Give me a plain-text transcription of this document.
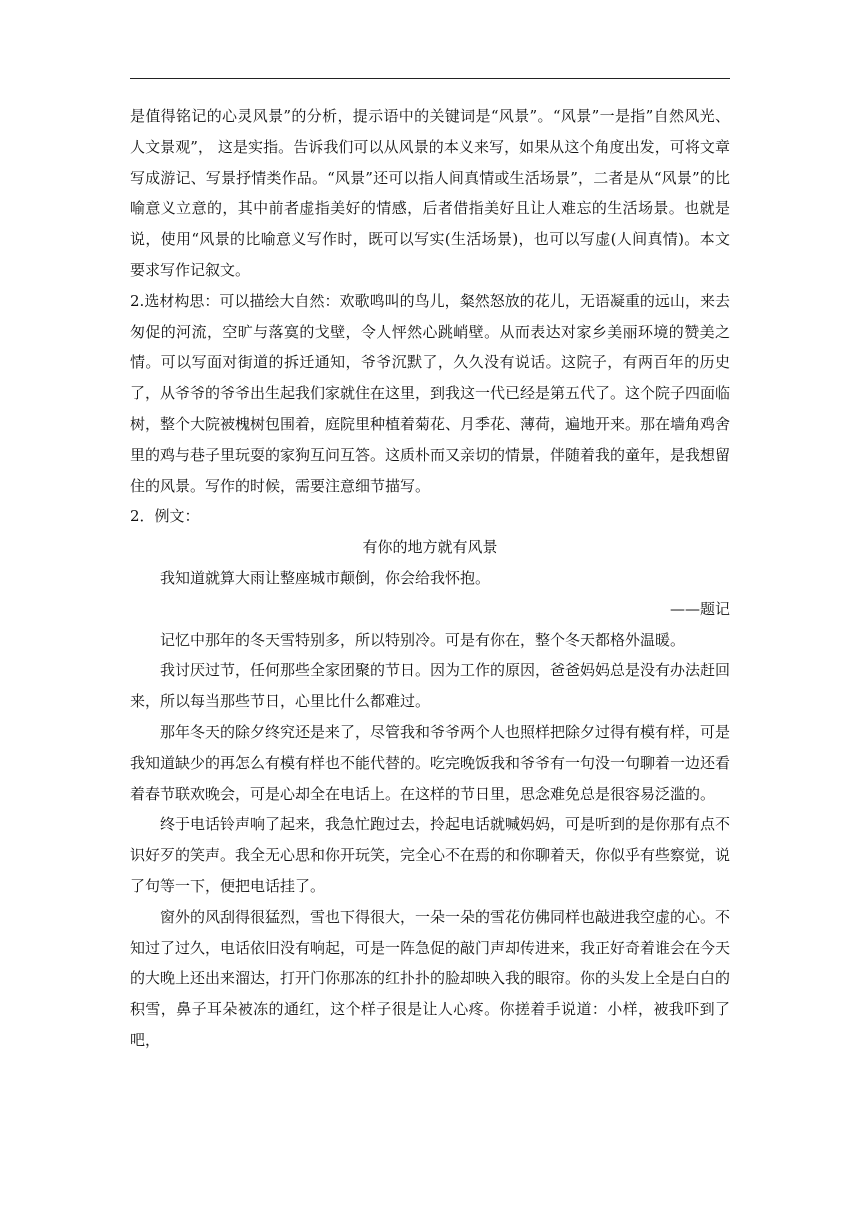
是值得铭记的心灵风景”的分析，提示语中的关键词是“风景”。“风景”一是指”自然风光、人文景观”， 这是实指。告诉我们可以从风景的本义来写，如果从这个角度出发，可将文章写成游记、写景抒情类作品。“风景”还可以指人间真情或生活场景”，二者是从“风景”的比喻意义立意的，其中前者虚指美好的情感，后者借指美好且让人难忘的生活场景。也就是说，使用“风景的比喻意义写作时，既可以写实(生活场景)，也可以写虚(人间真情)。本文要求写作记叙文。

2.选材构思：可以描绘大自然：欢歌鸣叫的鸟儿，粲然怒放的花儿，无语凝重的远山，来去匆促的河流，空旷与落寞的戈壁，令人怦然心跳峭壁。从而表达对家乡美丽环境的赞美之情。可以写面对街道的拆迁通知，爷爷沉默了，久久没有说话。这院子，有两百年的历史了，从爷爷的爷爷出生起我们家就住在这里，到我这一代已经是第五代了。这个院子四面临树，整个大院被槐树包围着，庭院里种植着菊花、月季花、薄荷，遍地开来。那在墙角鸡舍里的鸡与巷子里玩耍的家狗互问互答。这质朴而又亲切的情景，伴随着我的童年，是我想留住的风景。写作的时候，需要注意细节描写。

2．例文：

有你的地方就有风景

我知道就算大雨让整座城市颠倒，你会给我怀抱。

——题记

记忆中那年的冬天雪特别多，所以特别冷。可是有你在，整个冬天都格外温暖。

我讨厌过节，任何那些全家团聚的节日。因为工作的原因，爸爸妈妈总是没有办法赶回来，所以每当那些节日，心里比什么都难过。

那年冬天的除夕终究还是来了，尽管我和爷爷两个人也照样把除夕过得有模有样，可是我知道缺少的再怎么有模有样也不能代替的。吃完晚饭我和爷爷有一句没一句聊着一边还看着春节联欢晚会，可是心却全在电话上。在这样的节日里，思念难免总是很容易泛滥的。

终于电话铃声响了起来，我急忙跑过去，拎起电话就喊妈妈，可是听到的是你那有点不识好歹的笑声。我全无心思和你开玩笑，完全心不在焉的和你聊着天，你似乎有些察觉，说了句等一下，便把电话挂了。

窗外的风刮得很猛烈，雪也下得很大，一朵一朵的雪花仿佛同样也敲进我空虚的心。不知过了过久，电话依旧没有响起，可是一阵急促的敲门声却传进来，我正好奇着谁会在今天的大晚上还出来溜达，打开门你那冻的红扑扑的脸却映入我的眼帘。你的头发上全是白白的积雪，鼻子耳朵被冻的通红，这个样子很是让人心疼。你搓着手说道：小样，被我吓到了吧，
